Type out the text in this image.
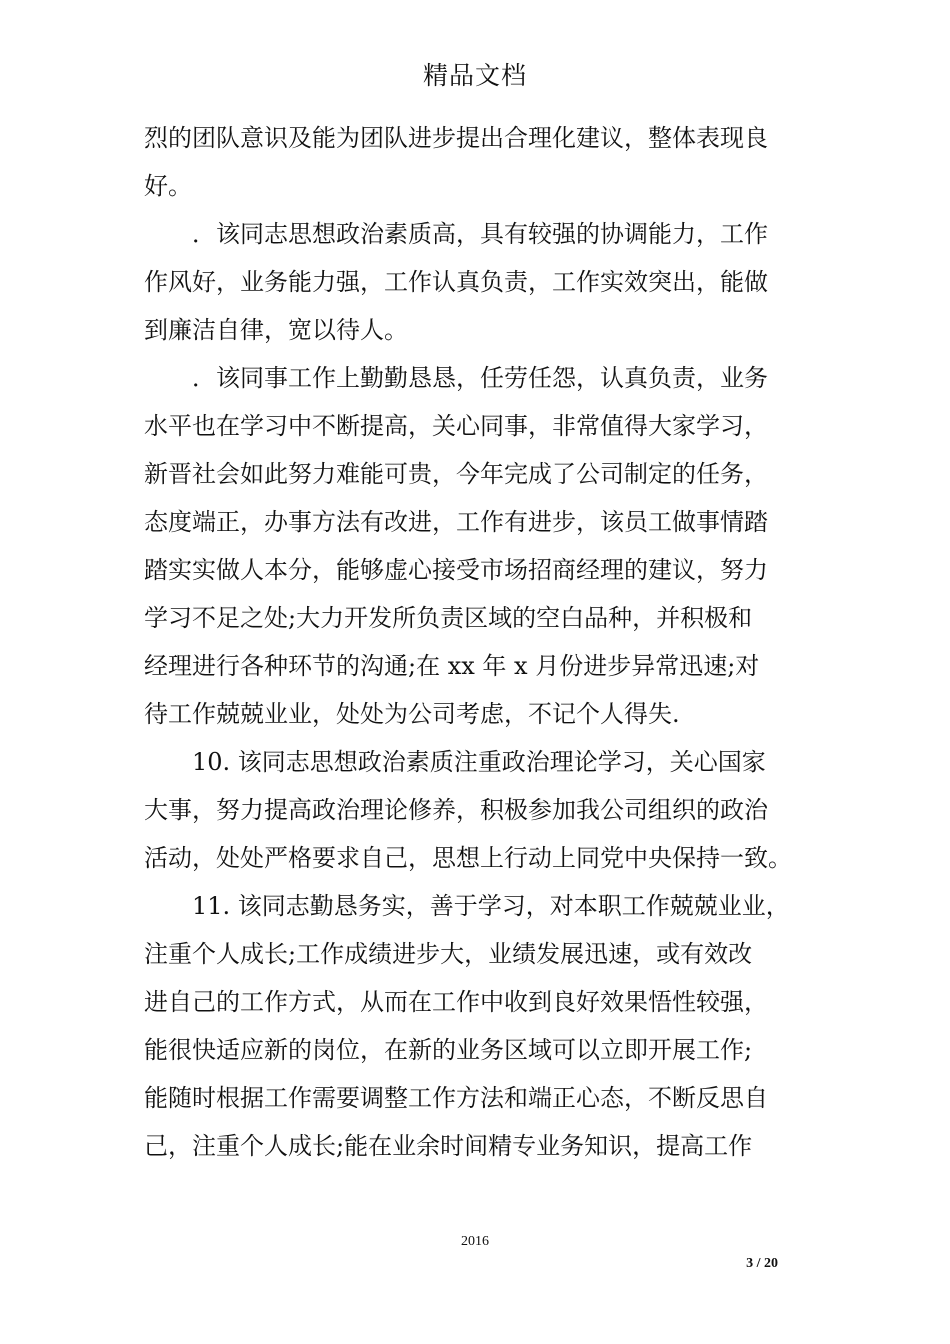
精品文档
烈的团队意识及能为团队进步提出合理化建议，整体表现良
好。
．该同志思想政治素质高，具有较强的协调能力，工作
作风好，业务能力强，工作认真负责，工作实效突出，能做
到廉洁自律，宽以待人。
．该同事工作上勤勤恳恳，任劳任怨，认真负责，业务
水平也在学习中不断提高，关心同事，非常值得大家学习，
新晋社会如此努力难能可贵，今年完成了公司制定的任务，
态度端正，办事方法有改进，工作有进步，该员工做事情踏
踏实实做人本分，能够虚心接受市场招商经理的建议，努力
学习不足之处;大力开发所负责区域的空白品种，并积极和
经理进行各种环节的沟通;在 xx 年 x 月份进步异常迅速;对
待工作兢兢业业，处处为公司考虑，不记个人得失.
10. 该同志思想政治素质注重政治理论学习，关心国家
大事，努力提高政治理论修养，积极参加我公司组织的政治
活动，处处严格要求自己，思想上行动上同党中央保持一致。
11. 该同志勤恳务实，善于学习，对本职工作兢兢业业，
注重个人成长;工作成绩进步大，业绩发展迅速，或有效改
进自己的工作方式，从而在工作中收到良好效果悟性较强，
能很快适应新的岗位，在新的业务区域可以立即开展工作;
能随时根据工作需要调整工作方法和端正心态，不断反思自
己，注重个人成长;能在业余时间精专业务知识，提高工作
2016
3 / 20
